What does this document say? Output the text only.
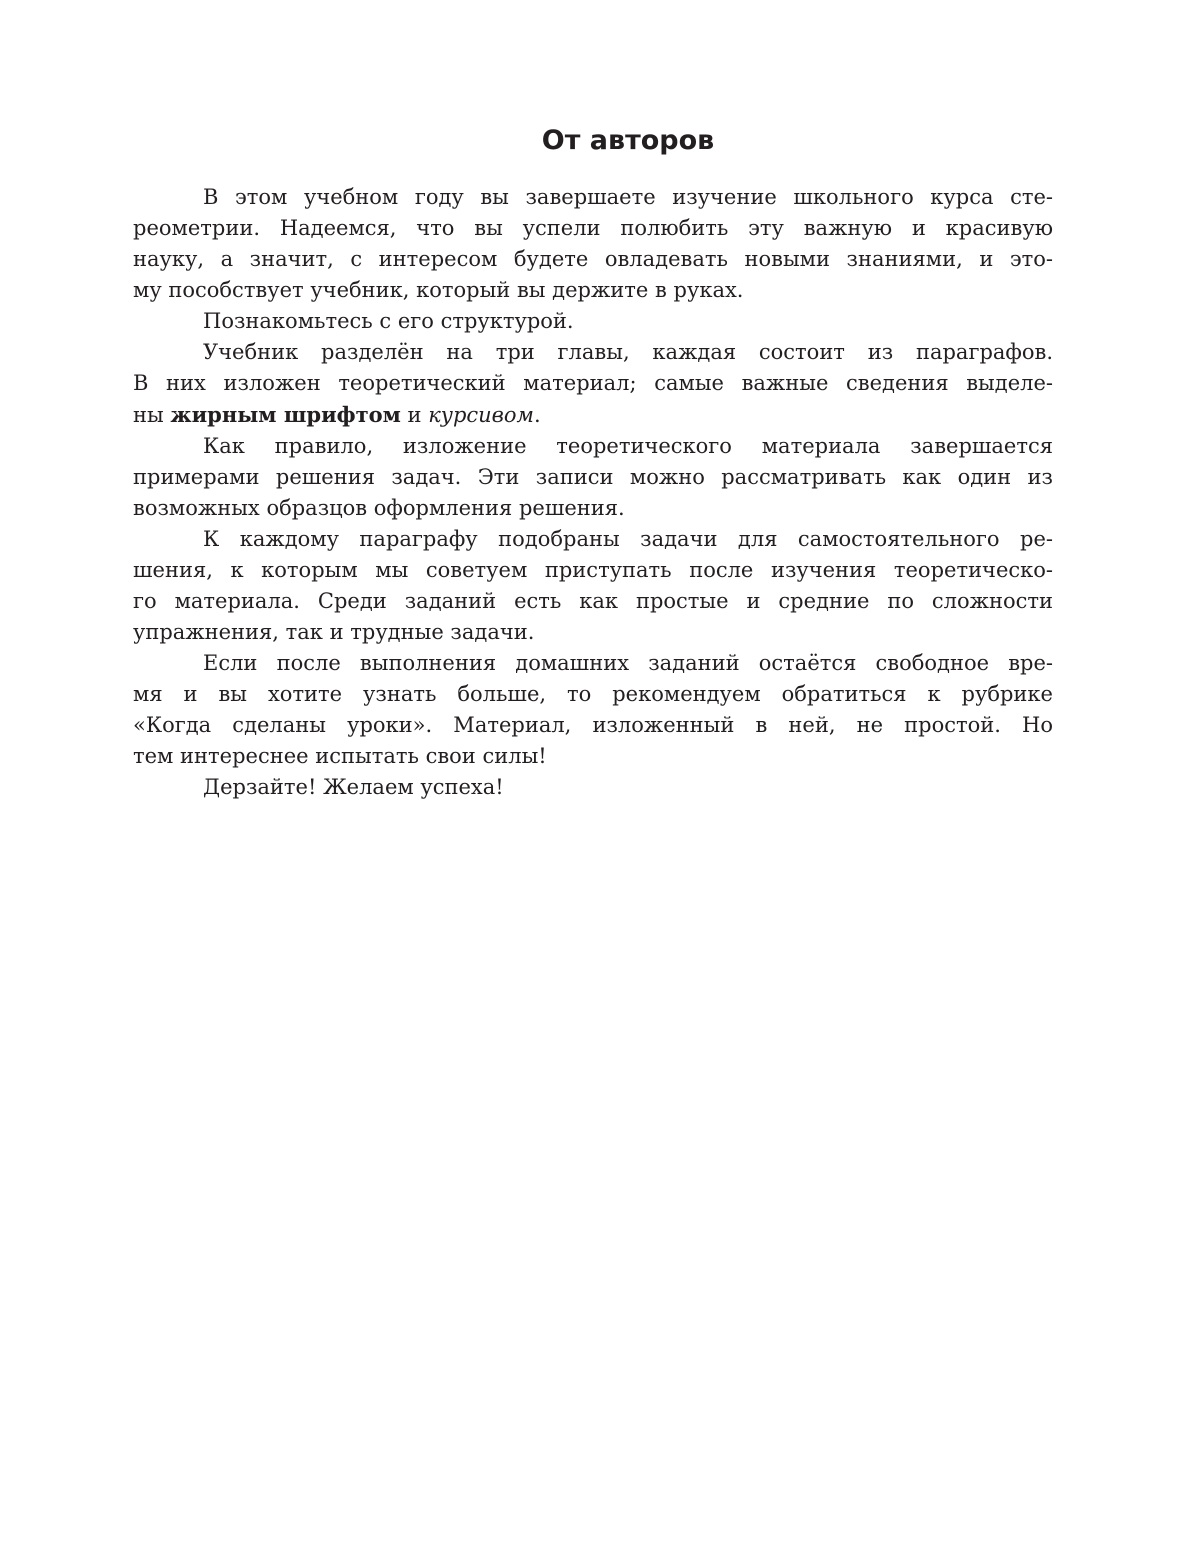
От авторов

В этом учебном году вы завершаете изучение школьного курса сте-
реометрии. Надеемся, что вы успели полюбить эту важную и красивую
науку, а значит, с интересом будете овладевать новыми знаниями, и это-
му пособствует учебник, который вы держите в руках.

Познакомьтесь с его структурой.

Учебник разделён на три главы, каждая состоит из параграфов.
В них изложен теоретический материал; самые важные сведения выделе-
ны жирным шрифтом и курсивом.

Как правило, изложение теоретического материала завершается
примерами решения задач. Эти записи можно рассматривать как один из
возможных образцов оформления решения.

К каждому параграфу подобраны задачи для самостоятельного ре-
шения, к которым мы советуем приступать после изучения теоретическо-
го материала. Среди заданий есть как простые и средние по сложности
упражнения, так и трудные задачи.

Если после выполнения домашних заданий остаётся свободное вре-
мя и вы хотите узнать больше, то рекомендуем обратиться к рубрике
«Когда сделаны уроки». Материал, изложенный в ней, не простой. Но
тем интереснее испытать свои силы!

Дерзайте! Желаем успеха!
